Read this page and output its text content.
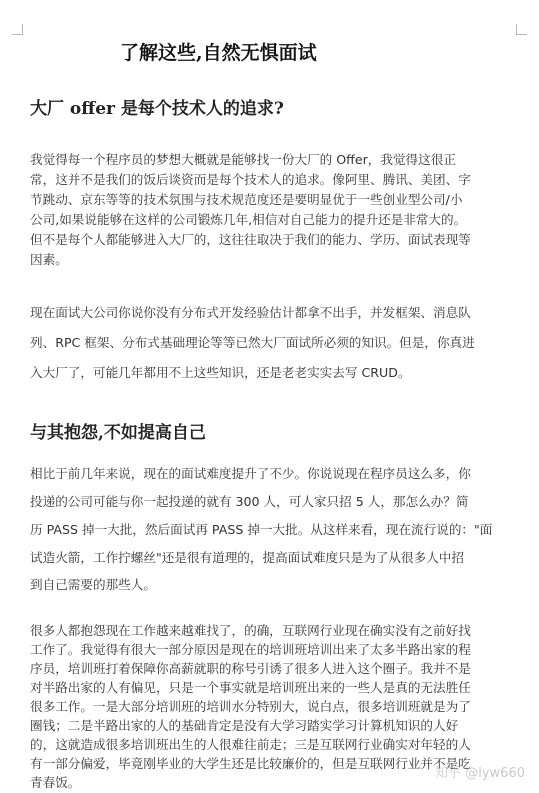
了解这些,自然无惧面试
大厂 offer 是每个技术人的追求?
我觉得每一个程序员的梦想大概就是能够找一份大厂的 Offer，我觉得这很正
常，这并不是我们的饭后谈资而是每个技术人的追求。像阿里、腾讯、美团、字
节跳动、京东等等的技术氛围与技术规范度还是要明显优于一些创业型公司/小
公司,如果说能够在这样的公司锻炼几年,相信对自己能力的提升还是非常大的。
但不是每个人都能够进入大厂的，这往往取决于我们的能力、学历、面试表现等
因素。
现在面试大公司你说你没有分布式开发经验估计都拿不出手，并发框架、消息队
列、RPC 框架、分布式基础理论等等已然大厂面试所必须的知识。但是，你真进
入大厂了，可能几年都用不上这些知识，还是老老实实去写 CRUD。
与其抱怨,不如提高自己
相比于前几年来说，现在的面试难度提升了不少。你说说现在程序员这么多，你
投递的公司可能与你一起投递的就有 300 人，可人家只招 5 人，那怎么办？简
历 PASS 掉一大批，然后面试再 PASS 掉一大批。从这样来看，现在流行说的："面
试造火箭，工作拧螺丝"还是很有道理的，提高面试难度只是为了从很多人中招
到自己需要的那些人。
很多人都抱怨现在工作越来越难找了，的确，互联网行业现在确实没有之前好找
工作了。我觉得有很大一部分原因是现在的培训班培训出来了太多半路出家的程
序员，培训班打着保障你高薪就职的称号引诱了很多人进入这个圈子。我并不是
对半路出家的人有偏见，只是一个事实就是培训班出来的一些人是真的无法胜任
很多工作。一是大部分培训班的培训水分特别大，说白点，很多培训班就是为了
圈钱；二是半路出家的人的基础肯定是没有大学习踏实学习计算机知识的人好
的，这就造成很多培训班出生的人很难往前走；三是互联网行业确实对年轻的人
有一部分偏爱，毕竟刚毕业的大学生还是比较廉价的，但是互联网行业并不是吃
青春饭。
知乎 @lyw660
